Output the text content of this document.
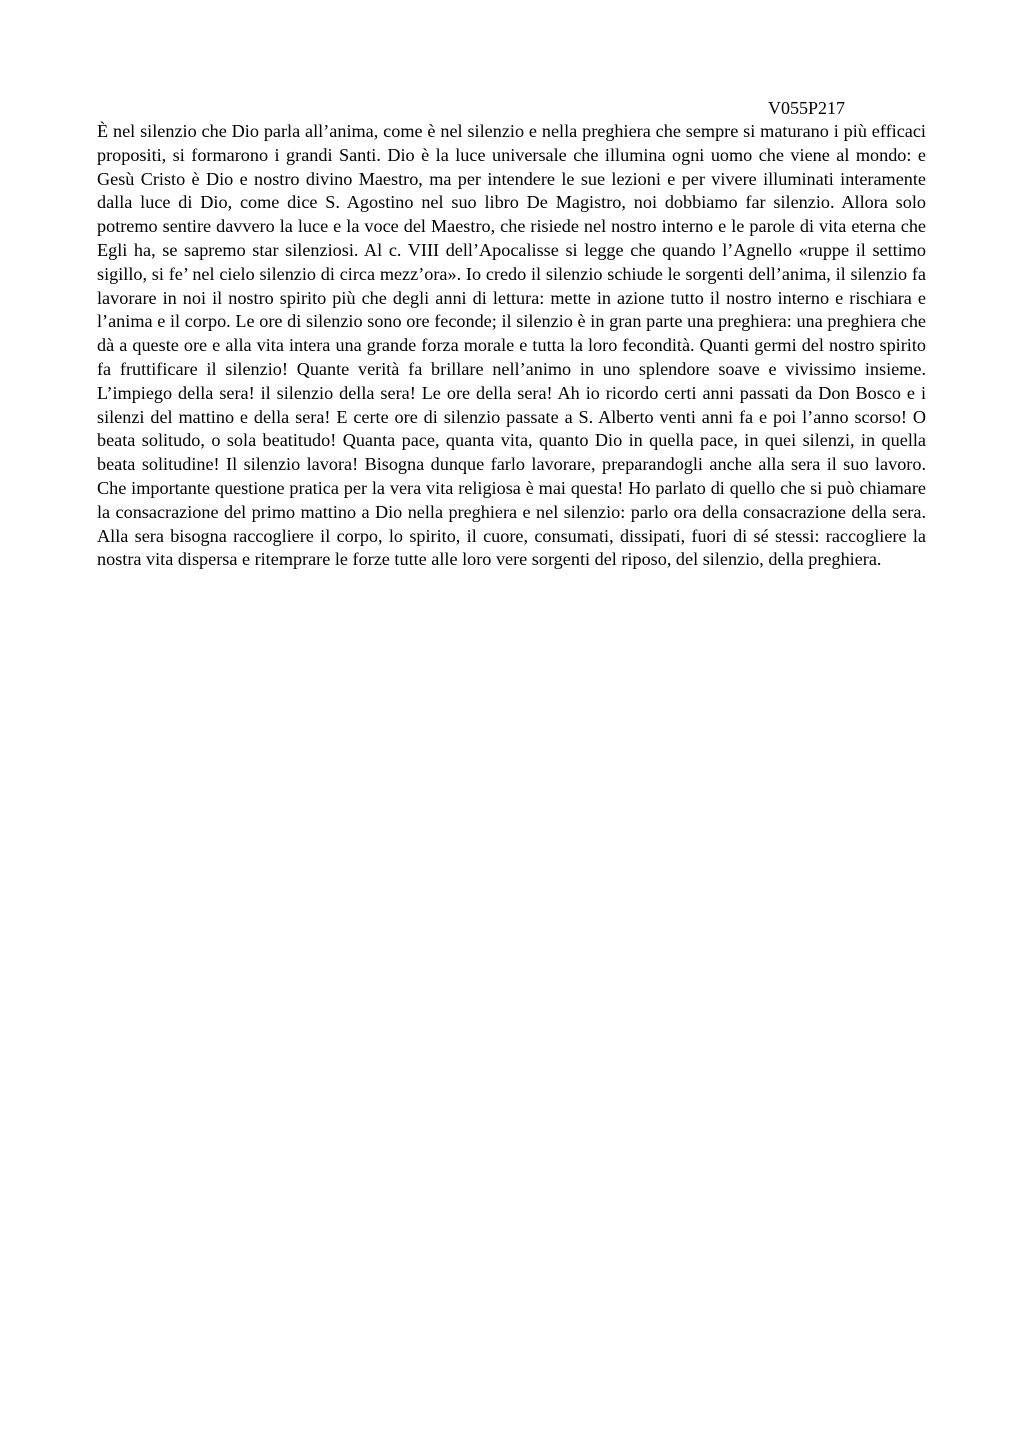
V055P217

È nel silenzio che Dio parla all’anima, come è nel silenzio e nella preghiera che sempre si maturano i più efficaci propositi, si formarono i grandi Santi. Dio è la luce universale che illumina ogni uomo che viene al mondo: e Gesù Cristo è Dio e nostro divino Maestro, ma per intendere le sue lezioni e per vivere illuminati interamente dalla luce di Dio, come dice S. Agostino nel suo libro De Magistro, noi dobbiamo far silenzio. Allora solo potremo sentire davvero la luce e la voce del Maestro, che risiede nel nostro interno e le parole di vita eterna che Egli ha, se sapremo star silenziosi. Al c. VIII dell’Apocalisse si legge che quando l’Agnello «ruppe il settimo sigillo, si fe’ nel cielo silenzio di circa mezz’ora». Io credo il silenzio schiude le sorgenti dell’anima, il silenzio fa lavorare in noi il nostro spirito più che degli anni di lettura: mette in azione tutto il nostro interno e rischiara e l’anima e il corpo. Le ore di silenzio sono ore feconde; il silenzio è in gran parte una preghiera: una preghiera che dà a queste ore e alla vita intera una grande forza morale e tutta la loro fecondità. Quanti germi del nostro spirito fa fruttificare il silenzio! Quante verità fa brillare nell’animo in uno splendore soave e vivissimo insieme. L’impiego della sera! il silenzio della sera! Le ore della sera! Ah io ricordo certi anni passati da Don Bosco e i silenzi del mattino e della sera! E certe ore di silenzio passate a S. Alberto venti anni fa e poi l’anno scorso! O beata solitudo, o sola beatitudo! Quanta pace, quanta vita, quanto Dio in quella pace, in quei silenzi, in quella beata solitudine! Il silenzio lavora! Bisogna dunque farlo lavorare, preparandogli anche alla sera il suo lavoro. Che importante questione pratica per la vera vita religiosa è mai questa! Ho parlato di quello che si può chiamare la consacrazione del primo mattino a Dio nella preghiera e nel silenzio: parlo ora della consacrazione della sera. Alla sera bisogna raccogliere il corpo, lo spirito, il cuore, consumati, dissipati, fuori di sé stessi: raccogliere la nostra vita dispersa e ritemprare le forze tutte alle loro vere sorgenti del riposo, del silenzio, della preghiera.
